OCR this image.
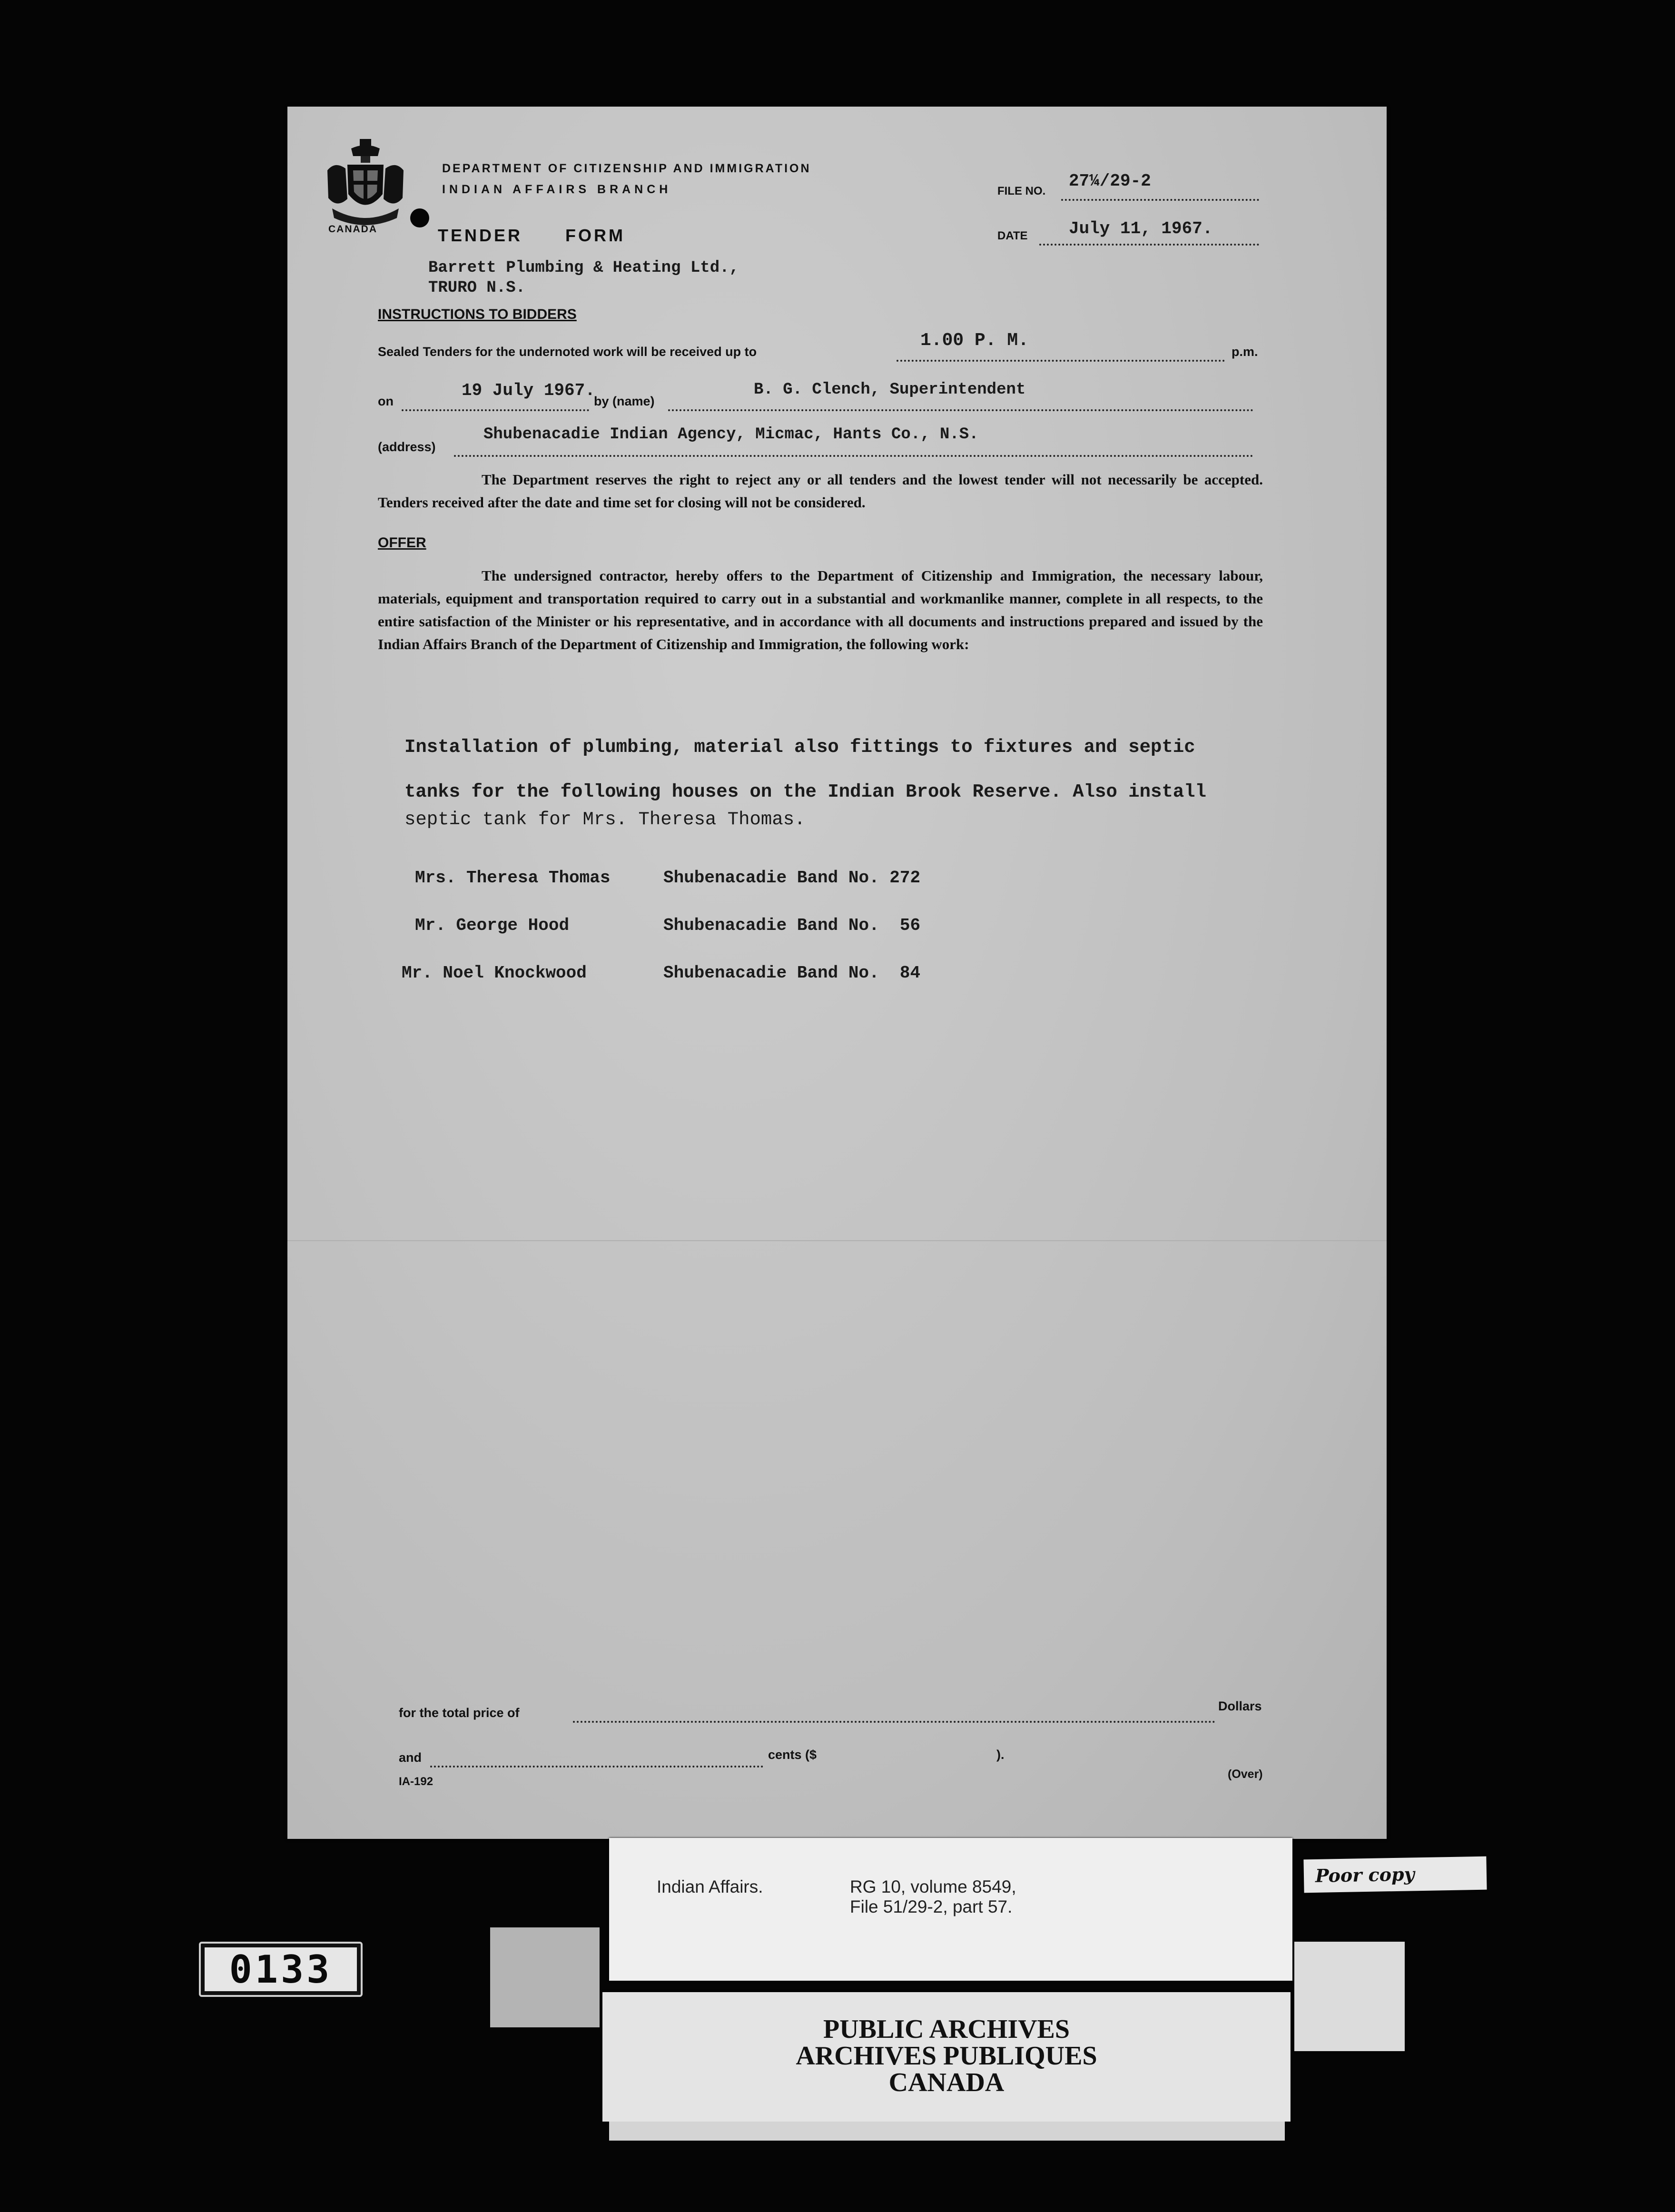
CANADA
DEPARTMENT OF CITIZENSHIP AND IMMIGRATION
INDIAN AFFAIRS BRANCH
TENDER      FORM
FILE NO.
27¼/29-2
DATE July 11, 1967.
Barrett Plumbing & Heating Ltd.,
TRURO N.S.
INSTRUCTIONS TO BIDDERS
Sealed Tenders for the undernoted work will be received up to
1.00 P. M.
p.m.
on
19 July 1967.
by (name)
B. G. Clench, Superintendent
(address)
Shubenacadie Indian Agency, Micmac, Hants Co., N.S.
The Department reserves the right to reject any or all tenders and the lowest tender will not necessarily be accepted. Tenders received after the date and time set for closing will not be considered.
OFFER
The undersigned contractor, hereby offers to the Department of Citizenship and Immigration, the necessary labour, materials, equipment and transportation required to carry out in a substantial and workmanlike manner, complete in all respects, to the entire satisfaction of the Minister or his representative, and in accordance with all documents and instructions prepared and issued by the Indian Affairs Branch of the Department of Citizenship and Immigration, the following work:
Installation of plumbing, material also fittings to fixtures and septic
tanks for the following houses on the Indian Brook Reserve. Also install
septic tank for Mrs. Theresa Thomas.
Mrs. Theresa Thomas	Shubenacadie Band No. 272
Mr. George Hood	Shubenacadie Band No.  56
Mr. Noel Knockwood	Shubenacadie Band No.  84
for the total price of	Dollars
and	cents ($	).
IA-192
(Over)
Indian Affairs.	RG 10, volume 8549,
File 51/29-2, part 57.
Poor copy
0133
PUBLIC ARCHIVES
ARCHIVES PUBLIQUES
CANADA
